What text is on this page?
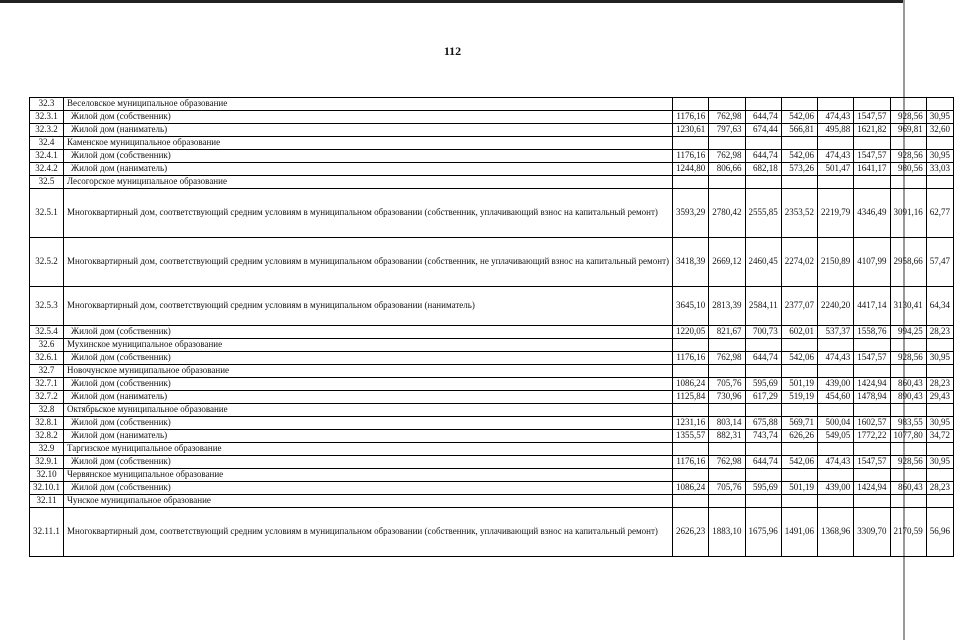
112
32.3	Веселовское муниципальное образование								
32.3.1	Жилой дом (собственник)	1176,16	762,98	644,74	542,06	474,43	1547,57	928,56	30,95
32.3.2	Жилой дом (наниматель)	1230,61	797,63	674,44	566,81	495,88	1621,82	969,81	32,60
32.4	Каменское муниципальное образование								
32.4.1	Жилой дом (собственник)	1176,16	762,98	644,74	542,06	474,43	1547,57	928,56	30,95
32.4.2	Жилой дом (наниматель)	1244,80	806,66	682,18	573,26	501,47	1641,17	980,56	33,03
32.5	Лесогорское муниципальное образование								
32.5.1	Многоквартирный дом, соответствующий средним условиям в муниципальном образовании (собственник, уплачивающий взнос на капитальный ремонт)	3593,29	2780,42	2555,85	2353,52	2219,79	4346,49	3091,16	62,77
32.5.2	Многоквартирный дом, соответствующий средним условиям в муниципальном образовании (собственник, не уплачивающий взнос на капитальный ремонт)	3418,39	2669,12	2460,45	2274,02	2150,89	4107,99	2958,66	57,47
32.5.3	Многоквартирный дом, соответствующий средним условиям в муниципальном образовании (наниматель)	3645,10	2813,39	2584,11	2377,07	2240,20	4417,14	3130,41	64,34
32.5.4	Жилой дом (собственник)	1220,05	821,67	700,73	602,01	537,37	1558,76	994,25	28,23
32.6	Мухинское муниципальное образование								
32.6.1	Жилой дом (собственник)	1176,16	762,98	644,74	542,06	474,43	1547,57	928,56	30,95
32.7	Новочунское муниципальное образование								
32.7.1	Жилой дом (собственник)	1086,24	705,76	595,69	501,19	439,00	1424,94	860,43	28,23
32.7.2	Жилой дом (наниматель)	1125,84	730,96	617,29	519,19	454,60	1478,94	890,43	29,43
32.8	Октябрьское муниципальное образование								
32.8.1	Жилой дом (собственник)	1231,16	803,14	675,88	569,71	500,04	1602,57	983,55	30,95
32.8.2	Жилой дом (наниматель)	1355,57	882,31	743,74	626,26	549,05	1772,22	1077,80	34,72
32.9	Таргизское муниципальное образование								
32.9.1	Жилой дом (собственник)	1176,16	762,98	644,74	542,06	474,43	1547,57	928,56	30,95
32.10	Червянское муниципальное образование								
32.10.1	Жилой дом (собственник)	1086,24	705,76	595,69	501,19	439,00	1424,94	860,43	28,23
32.11	Чунское муниципальное образование								
32.11.1	Многоквартирный дом, соответствующий средним условиям в муниципальном образовании (собственник, уплачивающий взнос на капитальный ремонт)	2626,23	1883,10	1675,96	1491,06	1368,96	3309,70	2170,59	56,96
